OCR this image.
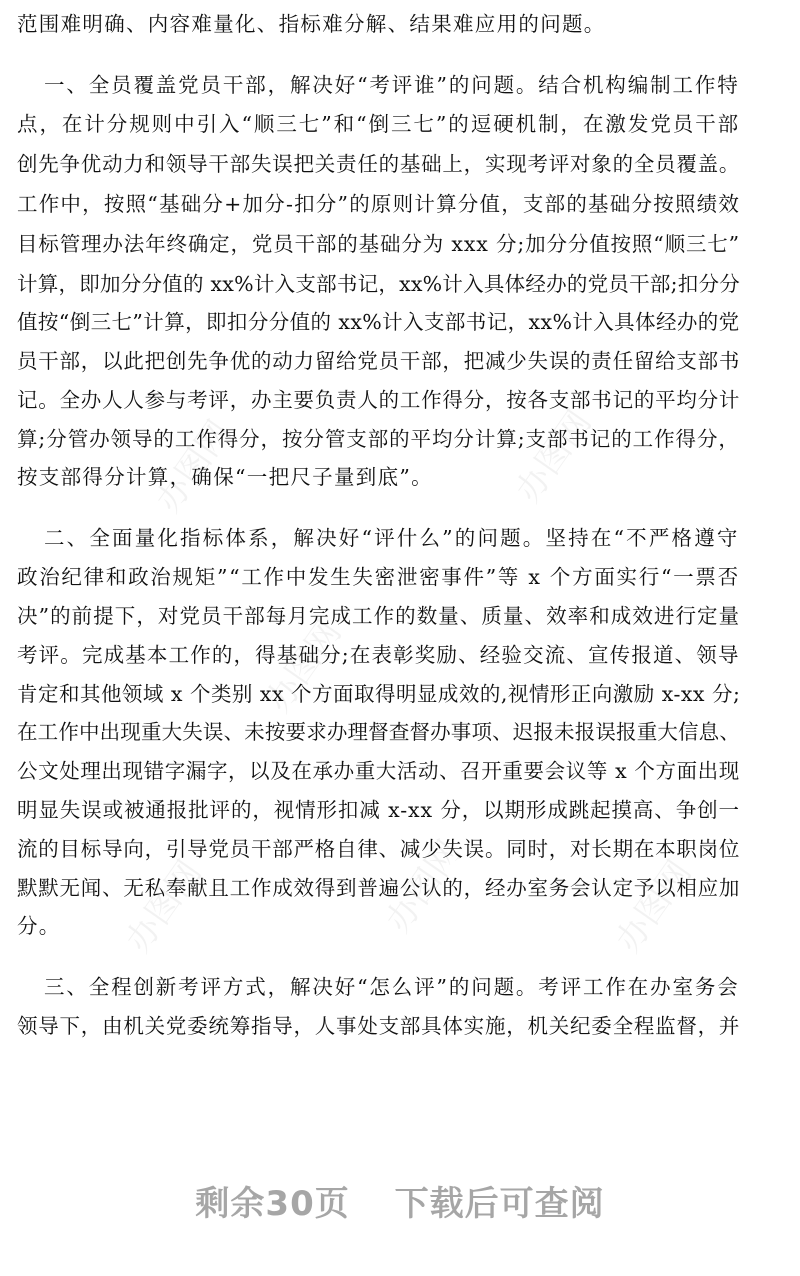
范围难明确、内容难量化、指标难分解、结果难应用的问题。
一、全员覆盖党员干部，解决好“考评谁”的问题。结合机构编制工作特
点，在计分规则中引入“顺三七”和“倒三七”的逗硬机制，在激发党员干部
创先争优动力和领导干部失误把关责任的基础上，实现考评对象的全员覆盖。
工作中，按照“基础分+加分-扣分”的原则计算分值，支部的基础分按照绩效
目标管理办法年终确定，党员干部的基础分为 xxx 分;加分分值按照“顺三七”
计算，即加分分值的 xx%计入支部书记，xx%计入具体经办的党员干部;扣分分
值按“倒三七”计算，即扣分分值的 xx%计入支部书记，xx%计入具体经办的党
员干部，以此把创先争优的动力留给党员干部，把减少失误的责任留给支部书
记。全办人人参与考评，办主要负责人的工作得分，按各支部书记的平均分计
算;分管办领导的工作得分，按分管支部的平均分计算;支部书记的工作得分，
按支部得分计算，确保“一把尺子量到底”。
二、全面量化指标体系，解决好“评什么”的问题。坚持在“不严格遵守
政治纪律和政治规矩”“工作中发生失密泄密事件”等 x 个方面实行“一票否
决”的前提下，对党员干部每月完成工作的数量、质量、效率和成效进行定量
考评。完成基本工作的，得基础分;在表彰奖励、经验交流、宣传报道、领导
肯定和其他领域 x 个类别 xx 个方面取得明显成效的,视情形正向激励 x-xx 分;
在工作中出现重大失误、未按要求办理督查督办事项、迟报未报误报重大信息、
公文处理出现错字漏字，以及在承办重大活动、召开重要会议等 x 个方面出现
明显失误或被通报批评的，视情形扣减 x-xx 分，以期形成跳起摸高、争创一
流的目标导向，引导党员干部严格自律、减少失误。同时，对长期在本职岗位
默默无闻、无私奉献且工作成效得到普遍公认的，经办室务会认定予以相应加
分。
三、全程创新考评方式，解决好“怎么评”的问题。考评工作在办室务会
领导下，由机关党委统筹指导，人事处支部具体实施，机关纪委全程监督，并
办图网	办图网
办图网
办图网	办图网	办图网
剩余30页 下载后可查阅
